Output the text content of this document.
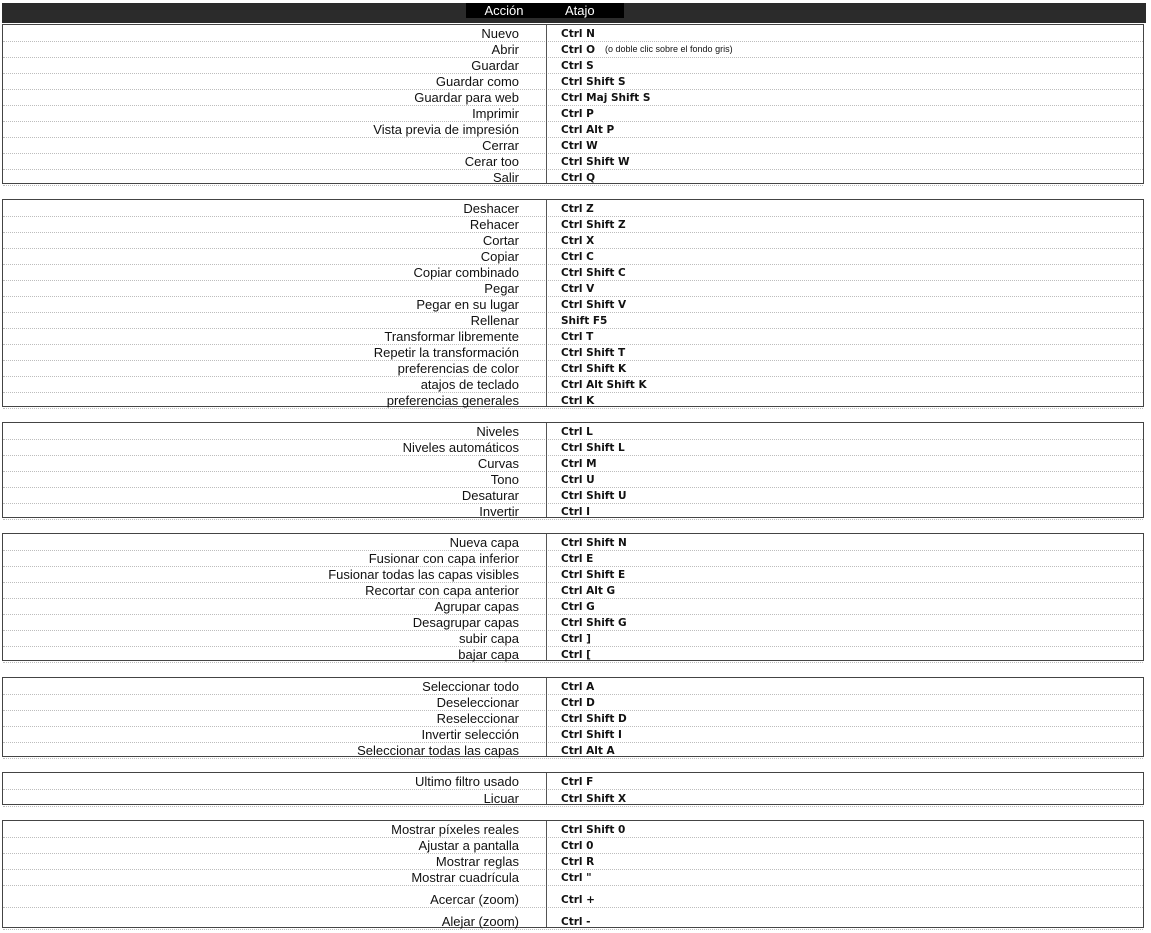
Acción	Atajo
Nuevo	Ctrl N
Abrir	Ctrl O (o doble clic sobre el fondo gris)
Guardar	Ctrl S
Guardar como	Ctrl Shift S
Guardar para web	Ctrl Maj Shift S
Imprimir	Ctrl P
Vista previa de impresión	Ctrl Alt P
Cerrar	Ctrl W
Cerar too	Ctrl Shift W
Salir	Ctrl Q
Deshacer	Ctrl Z
Rehacer	Ctrl Shift Z
Cortar	Ctrl X
Copiar	Ctrl C
Copiar combinado	Ctrl Shift C
Pegar	Ctrl V
Pegar en su lugar	Ctrl Shift V
Rellenar	Shift F5
Transformar libremente	Ctrl T
Repetir la transformación	Ctrl Shift T
preferencias de color	Ctrl Shift K
atajos de teclado	Ctrl Alt Shift K
preferencias generales	Ctrl K
Niveles	Ctrl L
Niveles automáticos	Ctrl Shift L
Curvas	Ctrl M
Tono	Ctrl U
Desaturar	Ctrl Shift U
Invertir	Ctrl I
Nueva capa	Ctrl Shift N
Fusionar con capa inferior	Ctrl E
Fusionar todas las capas visibles	Ctrl Shift E
Recortar con capa anterior	Ctrl Alt G
Agrupar capas	Ctrl G
Desagrupar capas	Ctrl Shift G
subir capa	Ctrl ]
bajar capa	Ctrl [
Seleccionar todo	Ctrl A
Deseleccionar	Ctrl D
Reseleccionar	Ctrl Shift D
Invertir selección	Ctrl Shift I
Seleccionar todas las capas	Ctrl Alt A
Ultimo filtro usado	Ctrl F
Licuar	Ctrl Shift X
Mostrar píxeles reales	Ctrl Shift 0
Ajustar a pantalla	Ctrl 0
Mostrar reglas	Ctrl R
Mostrar cuadrícula	Ctrl "
Acercar (zoom)	Ctrl +
Alejar (zoom)	Ctrl -
